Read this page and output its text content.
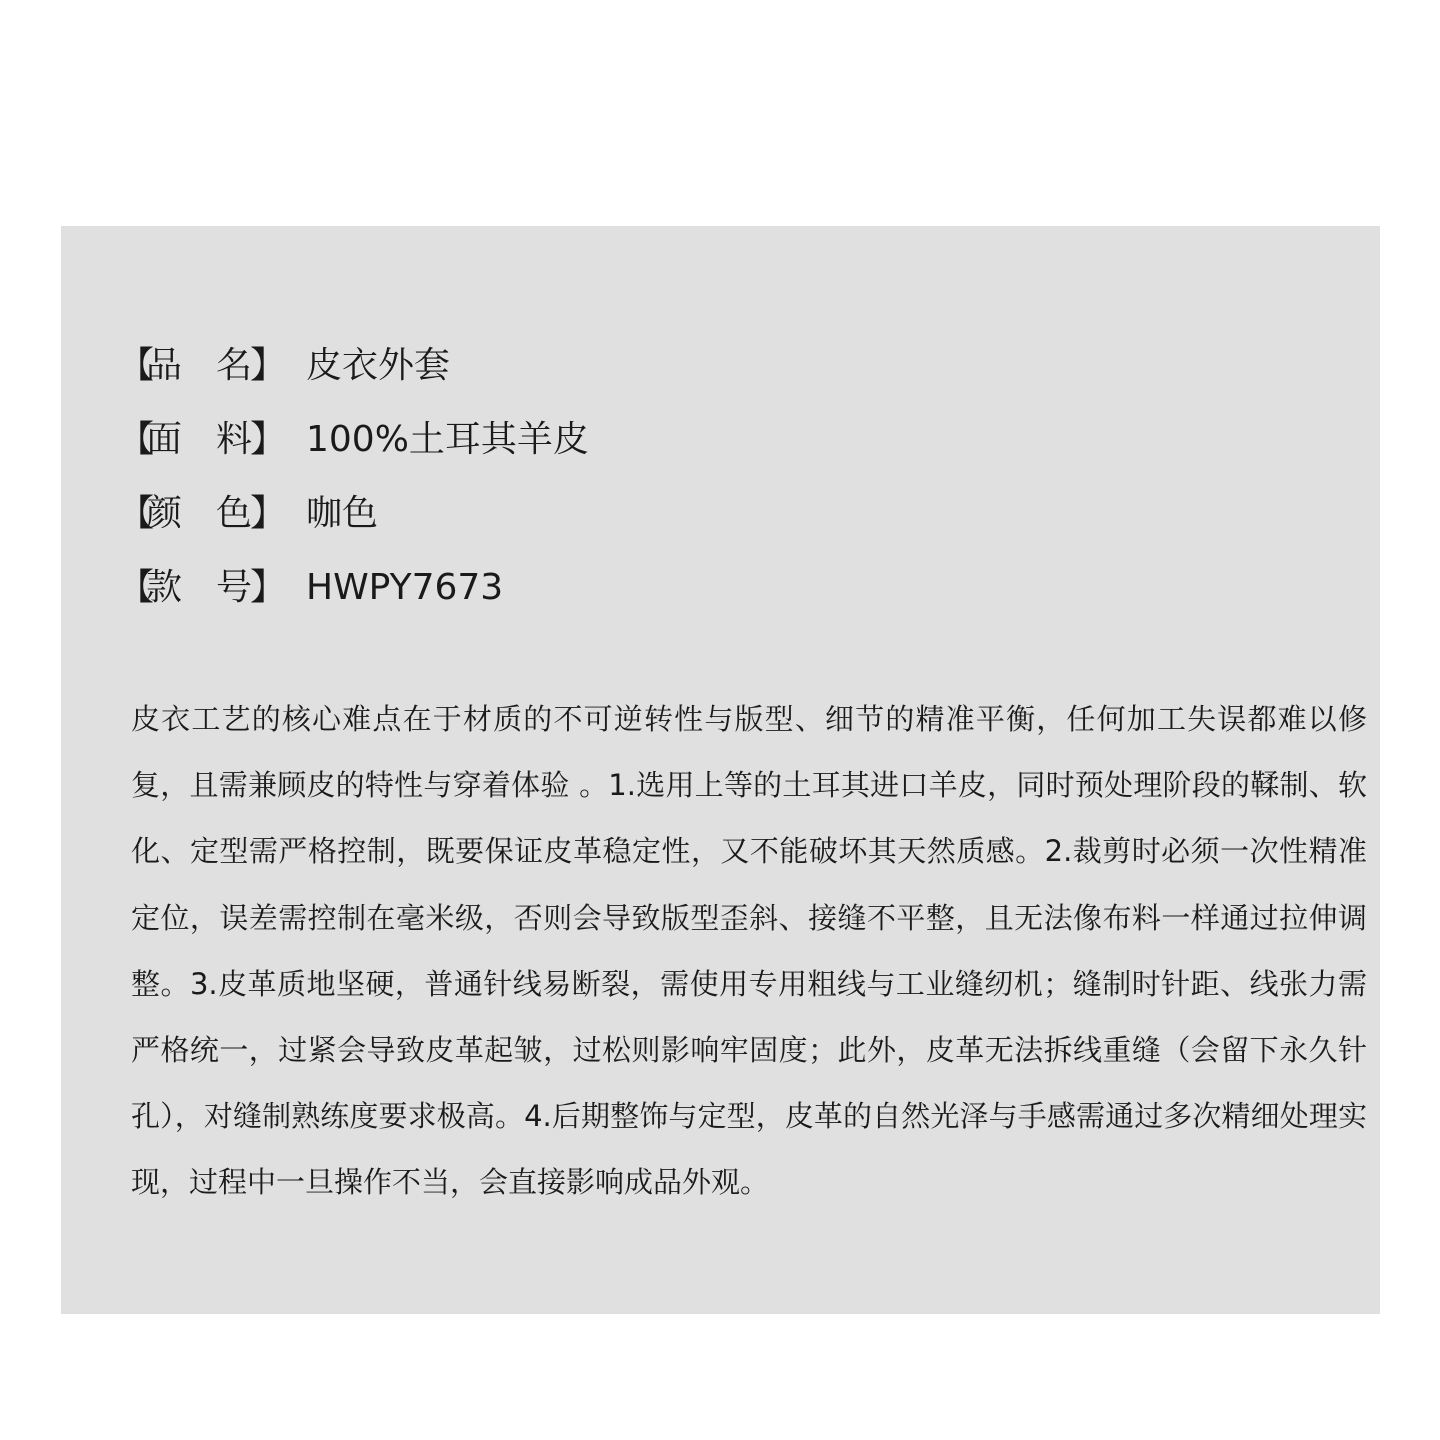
【
品 名
】 皮衣外套
【
面 料
】 100%土耳其羊皮
【
颜 色
】 咖色
【
款 号
】 HWPY7673

皮衣工艺的核心难点在于材质的不可逆转性与版型、细节的精准平衡，任何加工失误都难以修复，且需兼顾皮的特性与穿着体验 。1.选用上等的土耳其进口羊皮，同时预处理阶段的鞣制、软化、定型需严格控制，既要保证皮革稳定性，又不能破坏其天然质感。2.裁剪时必须一次性精准定位，误差需控制在毫米级，否则会导致版型歪斜、接缝不平整，且无法像布料一样通过拉伸调整。3.皮革质地坚硬，普通针线易断裂，需使用专用粗线与工业缝纫机；缝制时针距、线张力需严格统一，过紧会导致皮革起皱，过松则影响牢固度；此外，皮革无法拆线重缝（会留下永久针孔），对缝制熟练度要求极高。4.后期整饰与定型，皮革的自然光泽与手感需通过多次精细处理实现，过程中一旦操作不当，会直接影响成品外观。
